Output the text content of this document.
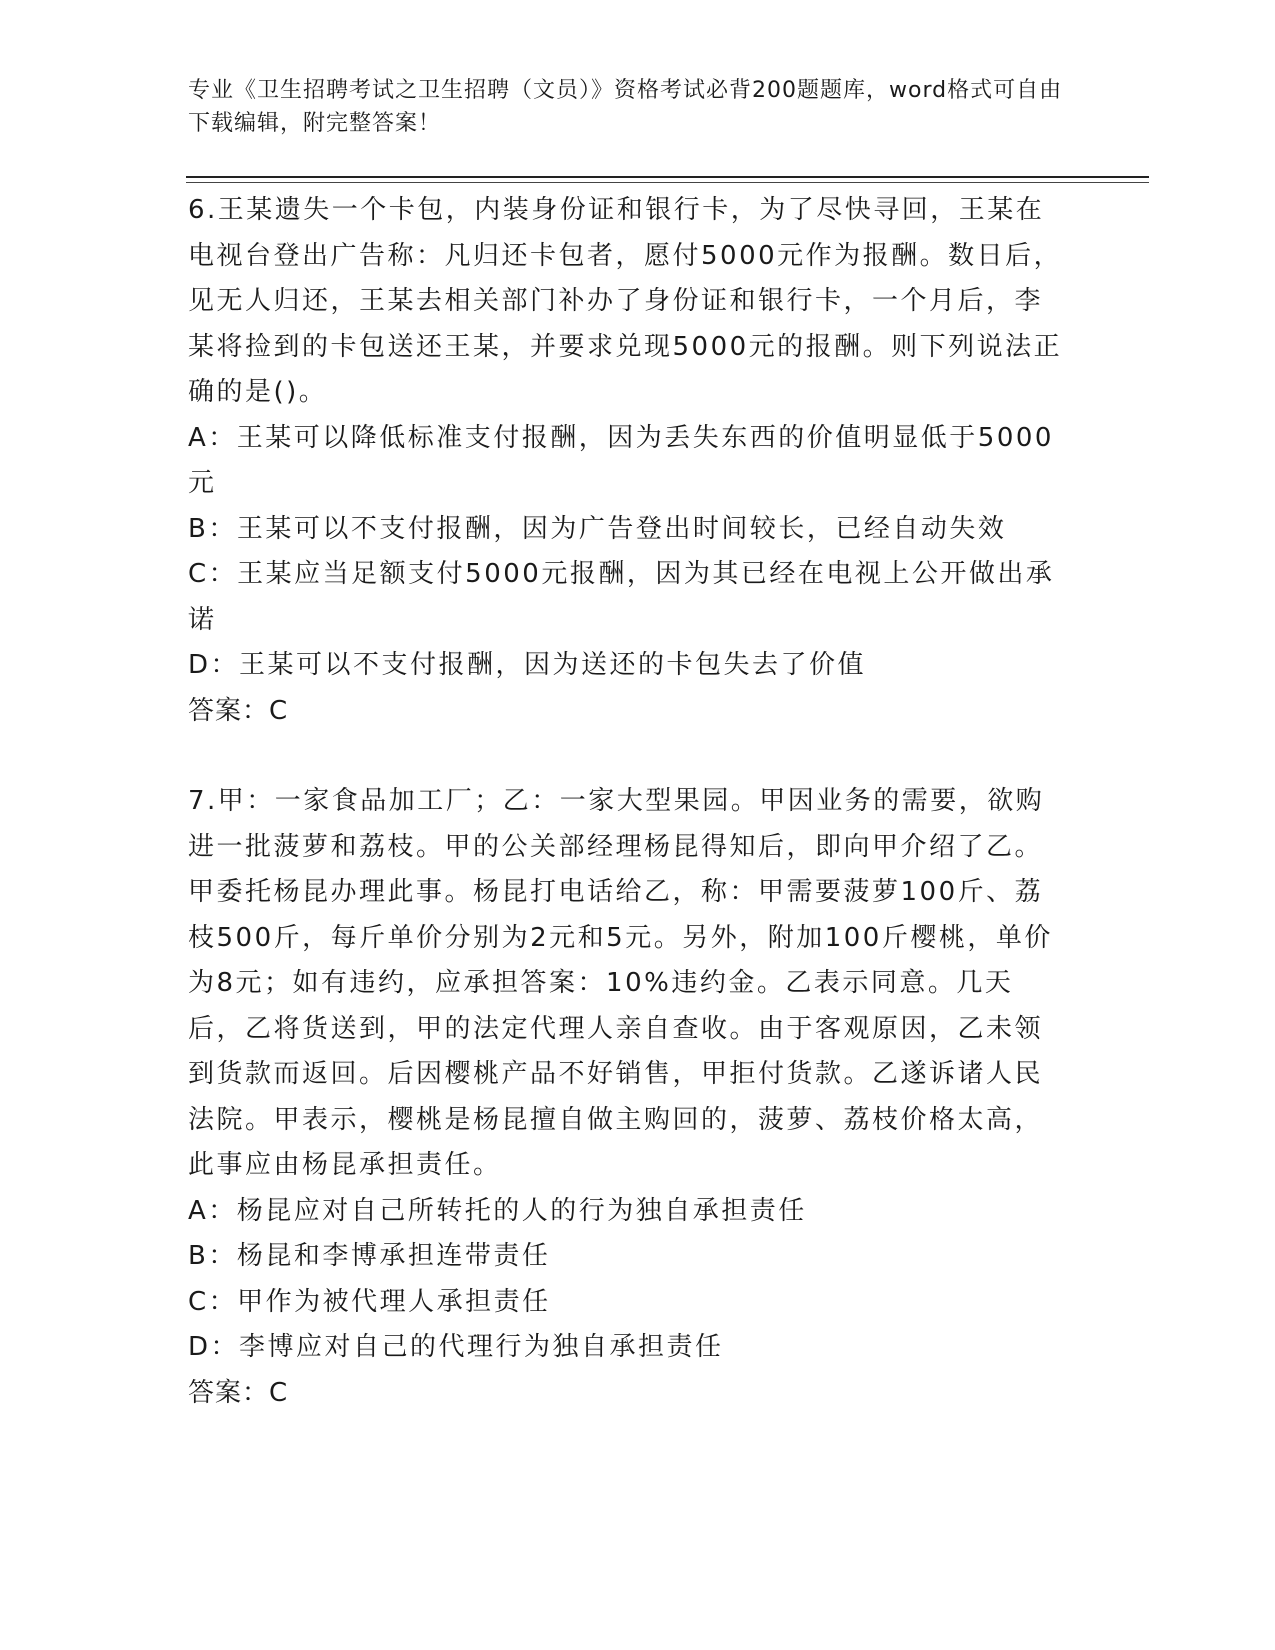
专业《卫生招聘考试之卫生招聘（文员）》资格考试必背200题题库，word格式可自由下载编辑，附完整答案！

6.王某遗失一个卡包，内装身份证和银行卡，为了尽快寻回，王某在电视台登出广告称：凡归还卡包者，愿付5000元作为报酬。数日后，见无人归还，王某去相关部门补办了身份证和银行卡，一个月后，李某将捡到的卡包送还王某，并要求兑现5000元的报酬。则下列说法正确的是()。

A：王某可以降低标准支付报酬，因为丢失东西的价值明显低于5000元

B：王某可以不支付报酬，因为广告登出时间较长，已经自动失效

C：王某应当足额支付5000元报酬，因为其已经在电视上公开做出承诺

D：王某可以不支付报酬，因为送还的卡包失去了价值

答案：C

7.甲：一家食品加工厂；乙：一家大型果园。甲因业务的需要，欲购进一批菠萝和荔枝。甲的公关部经理杨昆得知后，即向甲介绍了乙。甲委托杨昆办理此事。杨昆打电话给乙，称：甲需要菠萝100斤、荔枝500斤，每斤单价分别为2元和5元。另外，附加100斤樱桃，单价为8元；如有违约，应承担答案：10%违约金。乙表示同意。几天后，乙将货送到，甲的法定代理人亲自查收。由于客观原因，乙未领到货款而返回。后因樱桃产品不好销售，甲拒付货款。乙遂诉诸人民法院。甲表示，樱桃是杨昆擅自做主购回的，菠萝、荔枝价格太高，此事应由杨昆承担责任。

A：杨昆应对自己所转托的人的行为独自承担责任

B：杨昆和李博承担连带责任

C：甲作为被代理人承担责任

D：李博应对自己的代理行为独自承担责任

答案：C
